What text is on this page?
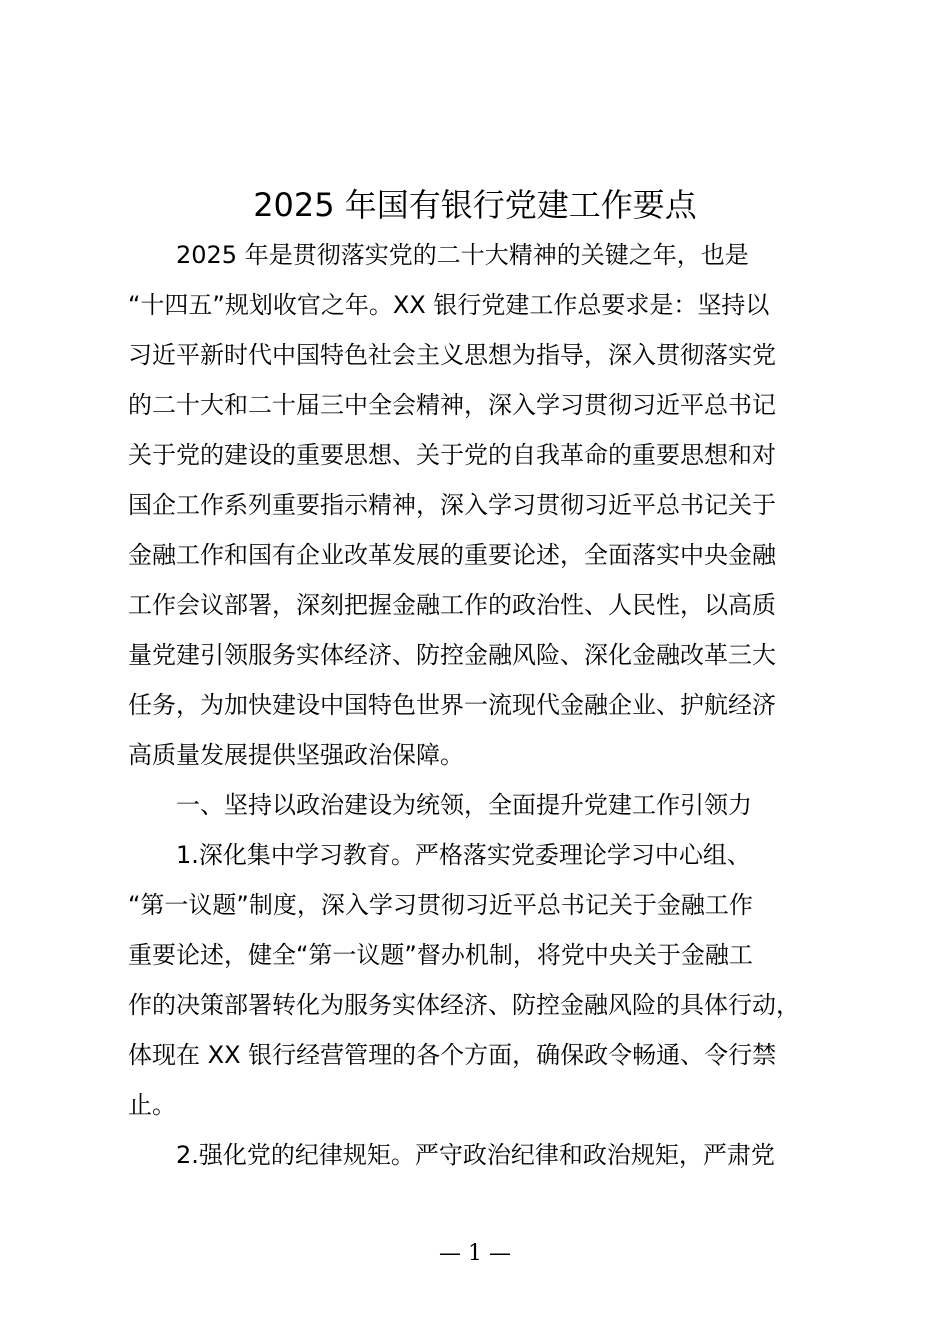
2025 年国有银行党建工作要点
2025 年是贯彻落实党的二十大精神的关键之年，也是
“十四五”规划收官之年。XX 银行党建工作总要求是：坚持以
习近平新时代中国特色社会主义思想为指导，深入贯彻落实党
的二十大和二十届三中全会精神，深入学习贯彻习近平总书记
关于党的建设的重要思想、关于党的自我革命的重要思想和对
国企工作系列重要指示精神，深入学习贯彻习近平总书记关于
金融工作和国有企业改革发展的重要论述，全面落实中央金融
工作会议部署，深刻把握金融工作的政治性、人民性，以高质
量党建引领服务实体经济、防控金融风险、深化金融改革三大
任务，为加快建设中国特色世界一流现代金融企业、护航经济
高质量发展提供坚强政治保障。
一、坚持以政治建设为统领，全面提升党建工作引领力
1.深化集中学习教育。严格落实党委理论学习中心组、
“第一议题”制度，深入学习贯彻习近平总书记关于金融工作
重要论述，健全“第一议题”督办机制，将党中央关于金融工
作的决策部署转化为服务实体经济、防控金融风险的具体行动，
体现在 XX 银行经营管理的各个方面，确保政令畅通、令行禁
止。
2.强化党的纪律规矩。严守政治纪律和政治规矩，严肃党
— 1 —
